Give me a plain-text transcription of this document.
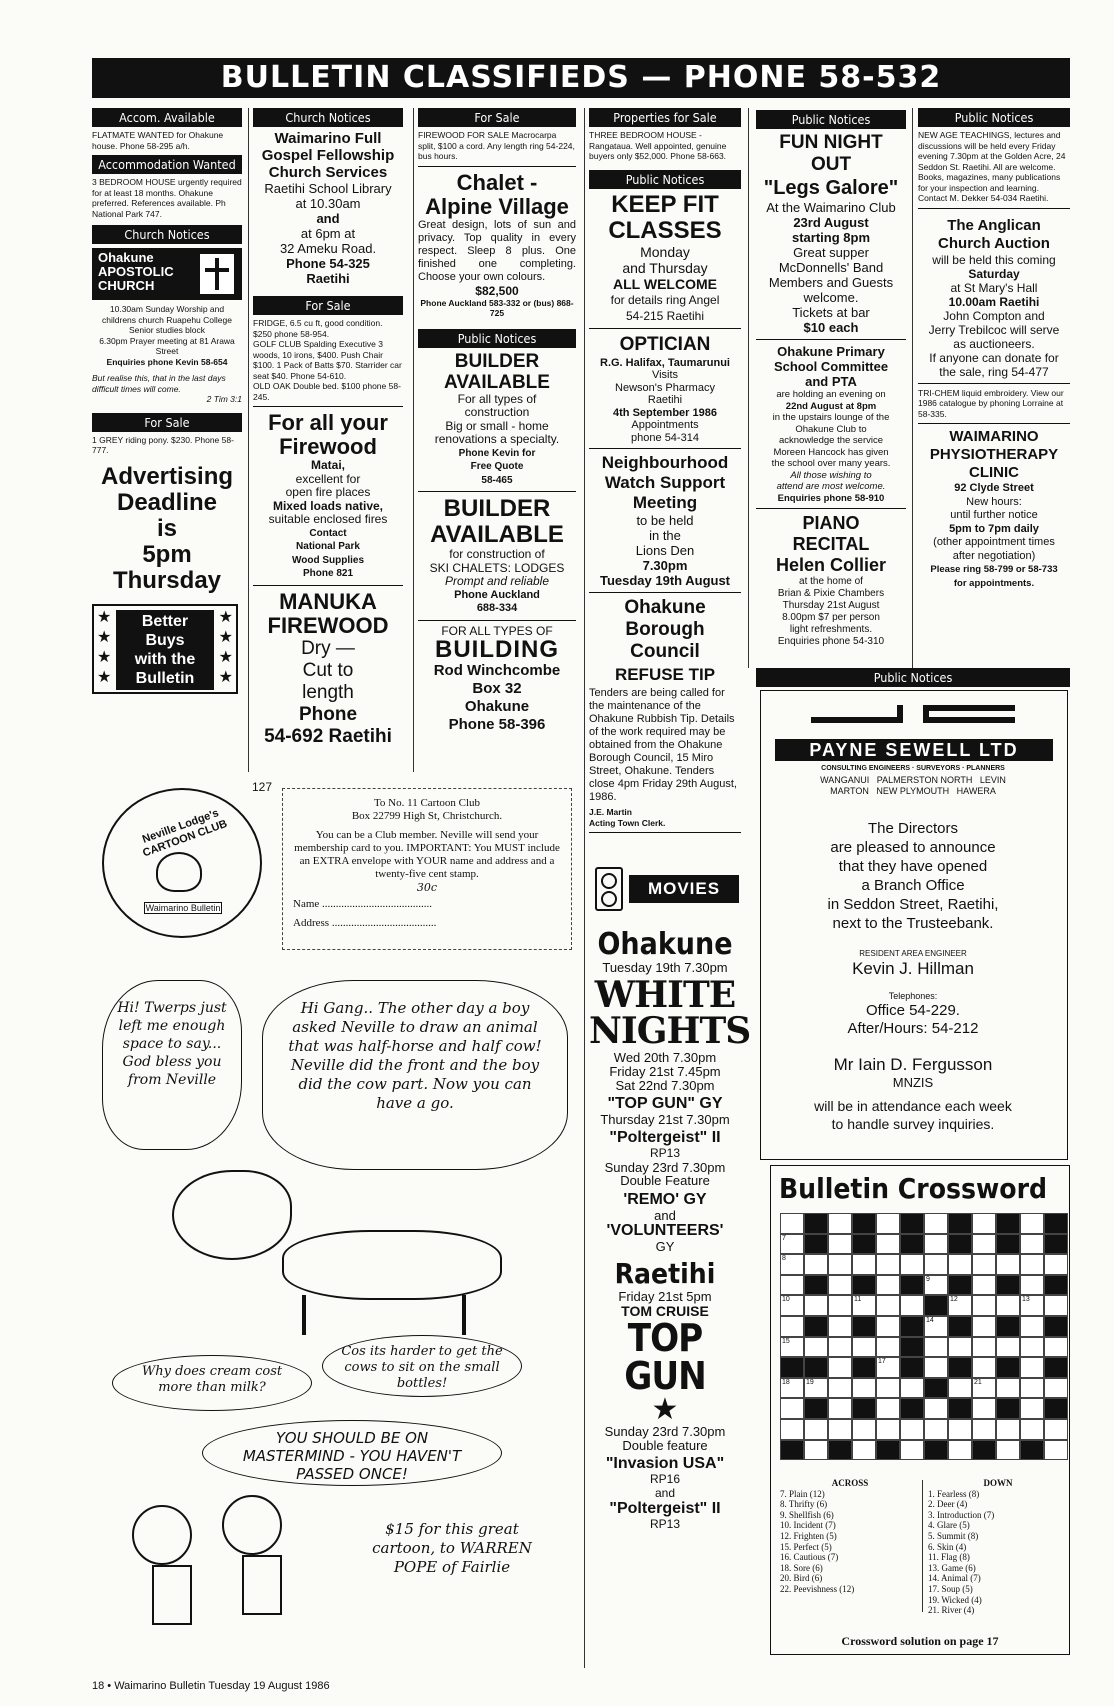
BULLETIN CLASSIFIEDS — PHONE 58-532
Accom. Available
FLATMATE WANTED for Ohakune house. Phone 58-295 a/h.
Accommodation Wanted
3 BEDROOM HOUSE urgently required for at least 18 months. Ohakune preferred. References available. Ph National Park 747.
Church Notices
Ohakune
APOSTOLIC
CHURCH
10.30am Sunday Worship and childrens church Ruapehu College Senior studies block
6.30pm Prayer meeting at 81 Arawa Street
Enquiries phone Kevin 58-654
But realise this, that in the last days difficult times will come.
2 Tim 3:1
For Sale
1 GREY riding pony. $230. Phone 58-777.
Advertising
Deadline
is
5pm
Thursday
Better
Buys
with the
Bulletin
★
★
★
★
★
★
★
★
Church Notices
Waimarino Full
Gospel Fellowship
Church Services
Raetihi School Library
at 10.30am
and
at 6pm at
32 Ameku Road.
Phone 54-325
Raetihi
For Sale
FRIDGE, 6.5 cu ft, good condition. $250 phone 58-954.
GOLF CLUB Spalding Executive 3 woods, 10 irons, $400. Push Chair $100. 1 Pack of Batts $70. Starrider car seat $40. Phone 54-610.
OLD OAK Double bed. $100 phone 58-245.
For all your
Firewood
Matai,
excellent for
open fire places
Mixed loads native,
suitable enclosed fires
Contact
National Park
Wood Supplies
Phone 821
MANUKA
FIREWOOD
Dry —
Cut to
length
Phone
54-692 Raetihi
For Sale
FIREWOOD FOR SALE Macrocarpa split, $100 a cord. Any length ring 54-224, bus hours.
Chalet -
Alpine Village
Great design, lots of sun and privacy. Top quality in every respect. Sleep 8 plus. One finished one completing. Choose your own colours.
$82,500
Phone Auckland 583-332 or (bus) 868-725
Public Notices
BUILDER
AVAILABLE
For all types of
construction
Big or small - home
renovations a specialty.
Phone Kevin for
Free Quote
58-465
BUILDER
AVAILABLE
for construction of
SKI CHALETS: LODGES
Prompt and reliable
Phone Auckland
688-334
FOR ALL TYPES OF
BUILDING
Rod Winchcombe
Box 32
Ohakune
Phone 58-396
Properties for Sale
THREE BEDROOM HOUSE - Rangataua. Well appointed, genuine buyers only $52,000. Phone 58-663.
Public Notices
KEEP FIT
CLASSES
Monday
and Thursday
ALL WELCOME
for details ring Angel
54-215 Raetihi
OPTICIAN
R.G. Halifax, Taumarunui
Visits
Newson's Pharmacy
Raetihi
4th September 1986
Appointments
phone 54-314
Neighbourhood
Watch Support
Meeting
to be held
in the
Lions Den
7.30pm
Tuesday 19th August
Ohakune
Borough
Council
REFUSE TIP
Tenders are being called for the maintenance of the Ohakune Rubbish Tip. Details of the work required may be obtained from the Ohakune Borough Council, 15 Miro Street, Ohakune. Tenders close 4pm Friday 29th August, 1986.
J.E. Martin
Acting Town Clerk.
MOVIES
Ohakune
Tuesday 19th 7.30pm
WHITE NIGHTS
Wed 20th 7.30pm
Friday 21st 7.45pm
Sat 22nd 7.30pm
"TOP GUN" GY
Thursday 21st 7.30pm
"Poltergeist" II
RP13
Sunday 23rd 7.30pm
Double Feature
'REMO' GY
and
'VOLUNTEERS'
GY
Raetihi
Friday 21st 5pm
TOM CRUISE
TOP GUN
★
Sunday 23rd 7.30pm
Double feature
"Invasion USA"
RP16
and
"Poltergeist" II
RP13
Public Notices
FUN NIGHT
OUT
"Legs Galore"
At the Waimarino Club
23rd August
starting 8pm
Great supper
McDonnells' Band
Members and Guests
welcome.
Tickets at bar
$10 each
Ohakune Primary
School Committee
and PTA
are holding an evening on
22nd August at 8pm
in the upstairs lounge of the
Ohakune Club to
acknowledge the service
Moreen Hancock has given
the school over many years.
All those wishing to
attend are most welcome.
Enquiries phone 58-910
PIANO
RECITAL
Helen Collier
at the home of
Brian & Pixie Chambers
Thursday 21st August
8.00pm $7 per person
light refreshments.
Enquiries phone 54-310
Public Notices
NEW AGE TEACHINGS, lectures and discussions will be held every Friday evening 7.30pm at the Golden Acre, 24 Seddon St. Raetihi. All are welcome. Books, magazines, many publications for your inspection and learning. Contact M. Dekker 54-034 Raetihi.
The Anglican
Church Auction
will be held this coming
Saturday
at St Mary's Hall
10.00am Raetihi
John Compton and
Jerry Trebilcoc will serve
as auctioneers.
If anyone can donate for
the sale, ring 54-477
TRI-CHEM liquid embroidery. View our 1986 catalogue by phoning Lorraine at 58-335.
WAIMARINO
PHYSIOTHERAPY
CLINIC
92 Clyde Street
New hours:
until further notice
5pm to 7pm daily
(other appointment times
after negotiation)
Please ring 58-799 or 58-733
for appointments.
Public Notices
PAYNE SEWELL LTD
CONSULTING ENGINEERS · SURVEYORS · PLANNERS
WANGANUI   PALMERSTON NORTH   LEVIN
MARTON   NEW PLYMOUTH   HAWERA
The Directors
are pleased to announce
that they have opened
a Branch Office
in Seddon Street, Raetihi,
next to the Trusteebank.
RESIDENT AREA ENGINEER
Kevin J. Hillman
Telephones:
Office 54-229.
After/Hours: 54-212
Mr Iain D. Fergusson
MNZIS
will be in attendance each week
to handle survey inquiries.
127
Neville Lodge's CARTOON CLUB
Waimarino Bulletin
To No. 11 Cartoon Club
Box 22799 High St, Christchurch.
You can be a Club member. Neville will send your membership card to you. IMPORTANT: You MUST include an EXTRA envelope with YOUR name and address and a twenty-five cent stamp.
30c
Name ........................................
Address ......................................
Hi! Twerps just left me enough space to say... God bless you from Neville
Hi Gang.. The other day a boy asked Neville to draw an animal that was half-horse and half cow! Neville did the front and the boy did the cow part. Now you can have a go.
Why does cream cost more than milk?
Cos its harder to get the cows to sit on the small bottles!
YOU SHOULD BE ON MASTERMIND - YOU HAVEN'T PASSED ONCE!
$15 for this great cartoon, to WARREN POPE of Fairlie
Bulletin Crossword
7
8
9
10	11	12	13
14
15
17
18 19	21
ACROSS
7. Plain (12)
8. Thrifty (6)
9. Shellfish (6)
10. Incident (7)
12. Frighten (5)
15. Perfect (5)
16. Cautious (7)
18. Sore (6)
20. Bird (6)
22. Peevishness (12)
DOWN
1. Fearless (8)
2. Deer (4)
3. Introduction (7)
4. Glare (5)
5. Summit (8)
6. Skin (4)
11. Flag (8)
13. Game (6)
14. Animal (7)
17. Soup (5)
19. Wicked (4)
21. River (4)
Crossword solution on page 17
18 • Waimarino Bulletin Tuesday 19 August 1986
